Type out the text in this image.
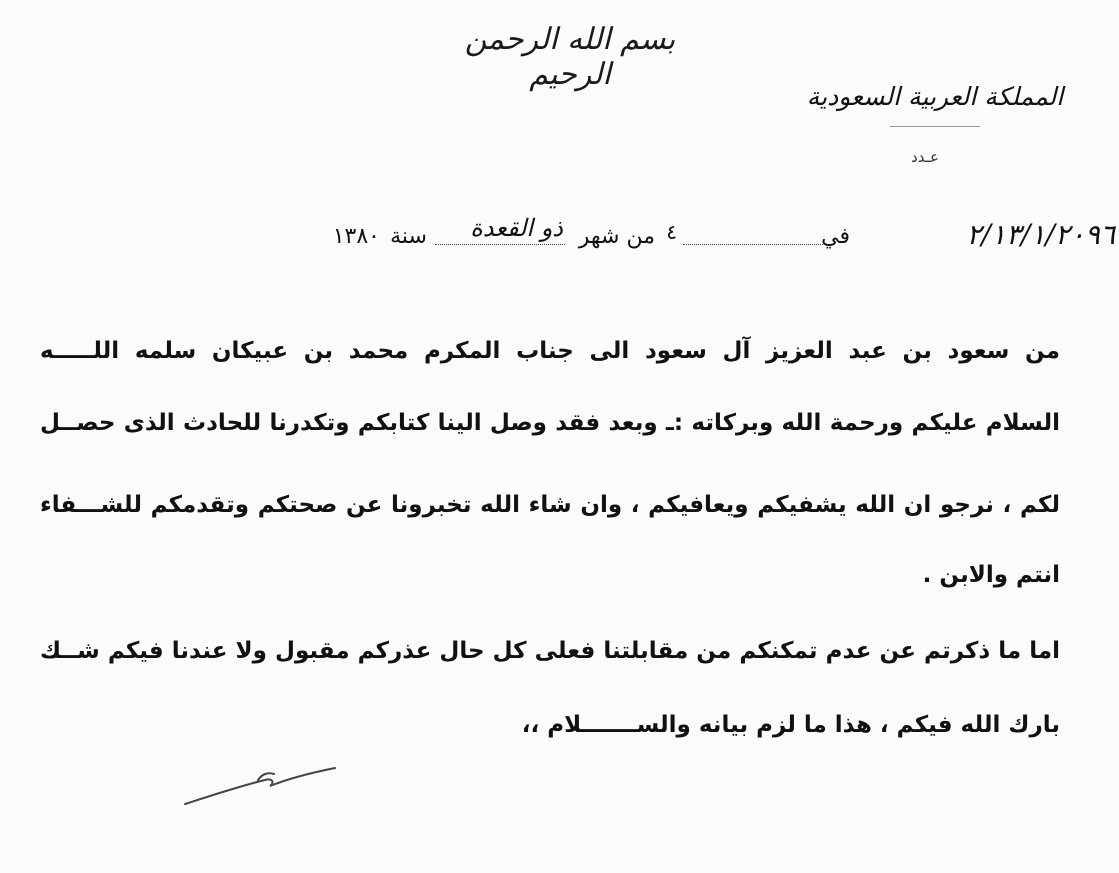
بسم الله الرحمن الرحيم
المملكة العربية السعودية
عـدد
٢/١٣/١/٢٠٩٦
في
٤
من شهر
ذو القعدة
سنة
١٣٨٠
من سعود بن عبد العزيز آل سعود الى جناب المكرم محمد بن عبيكان سلمه اللـــــه
السلام عليكم ورحمة الله وبركاته :ـ وبعد فقد وصل الينا كتابكم وتكدرنا للحادث الذى حصــل
لكم ، نرجو ان الله يشفيكم ويعافيكم ، وان شاء الله تخبرونا عن صحتكم وتقدمكم للشـــفاء
انتم والابن .
اما ما ذكرتم عن عدم تمكنكم من مقابلتنا فعلى كل حال عذركم مقبول ولا عندنا فيكم شــك
بارك الله فيكم ، هذا ما لزم بيانه والســـــــلام ،،
